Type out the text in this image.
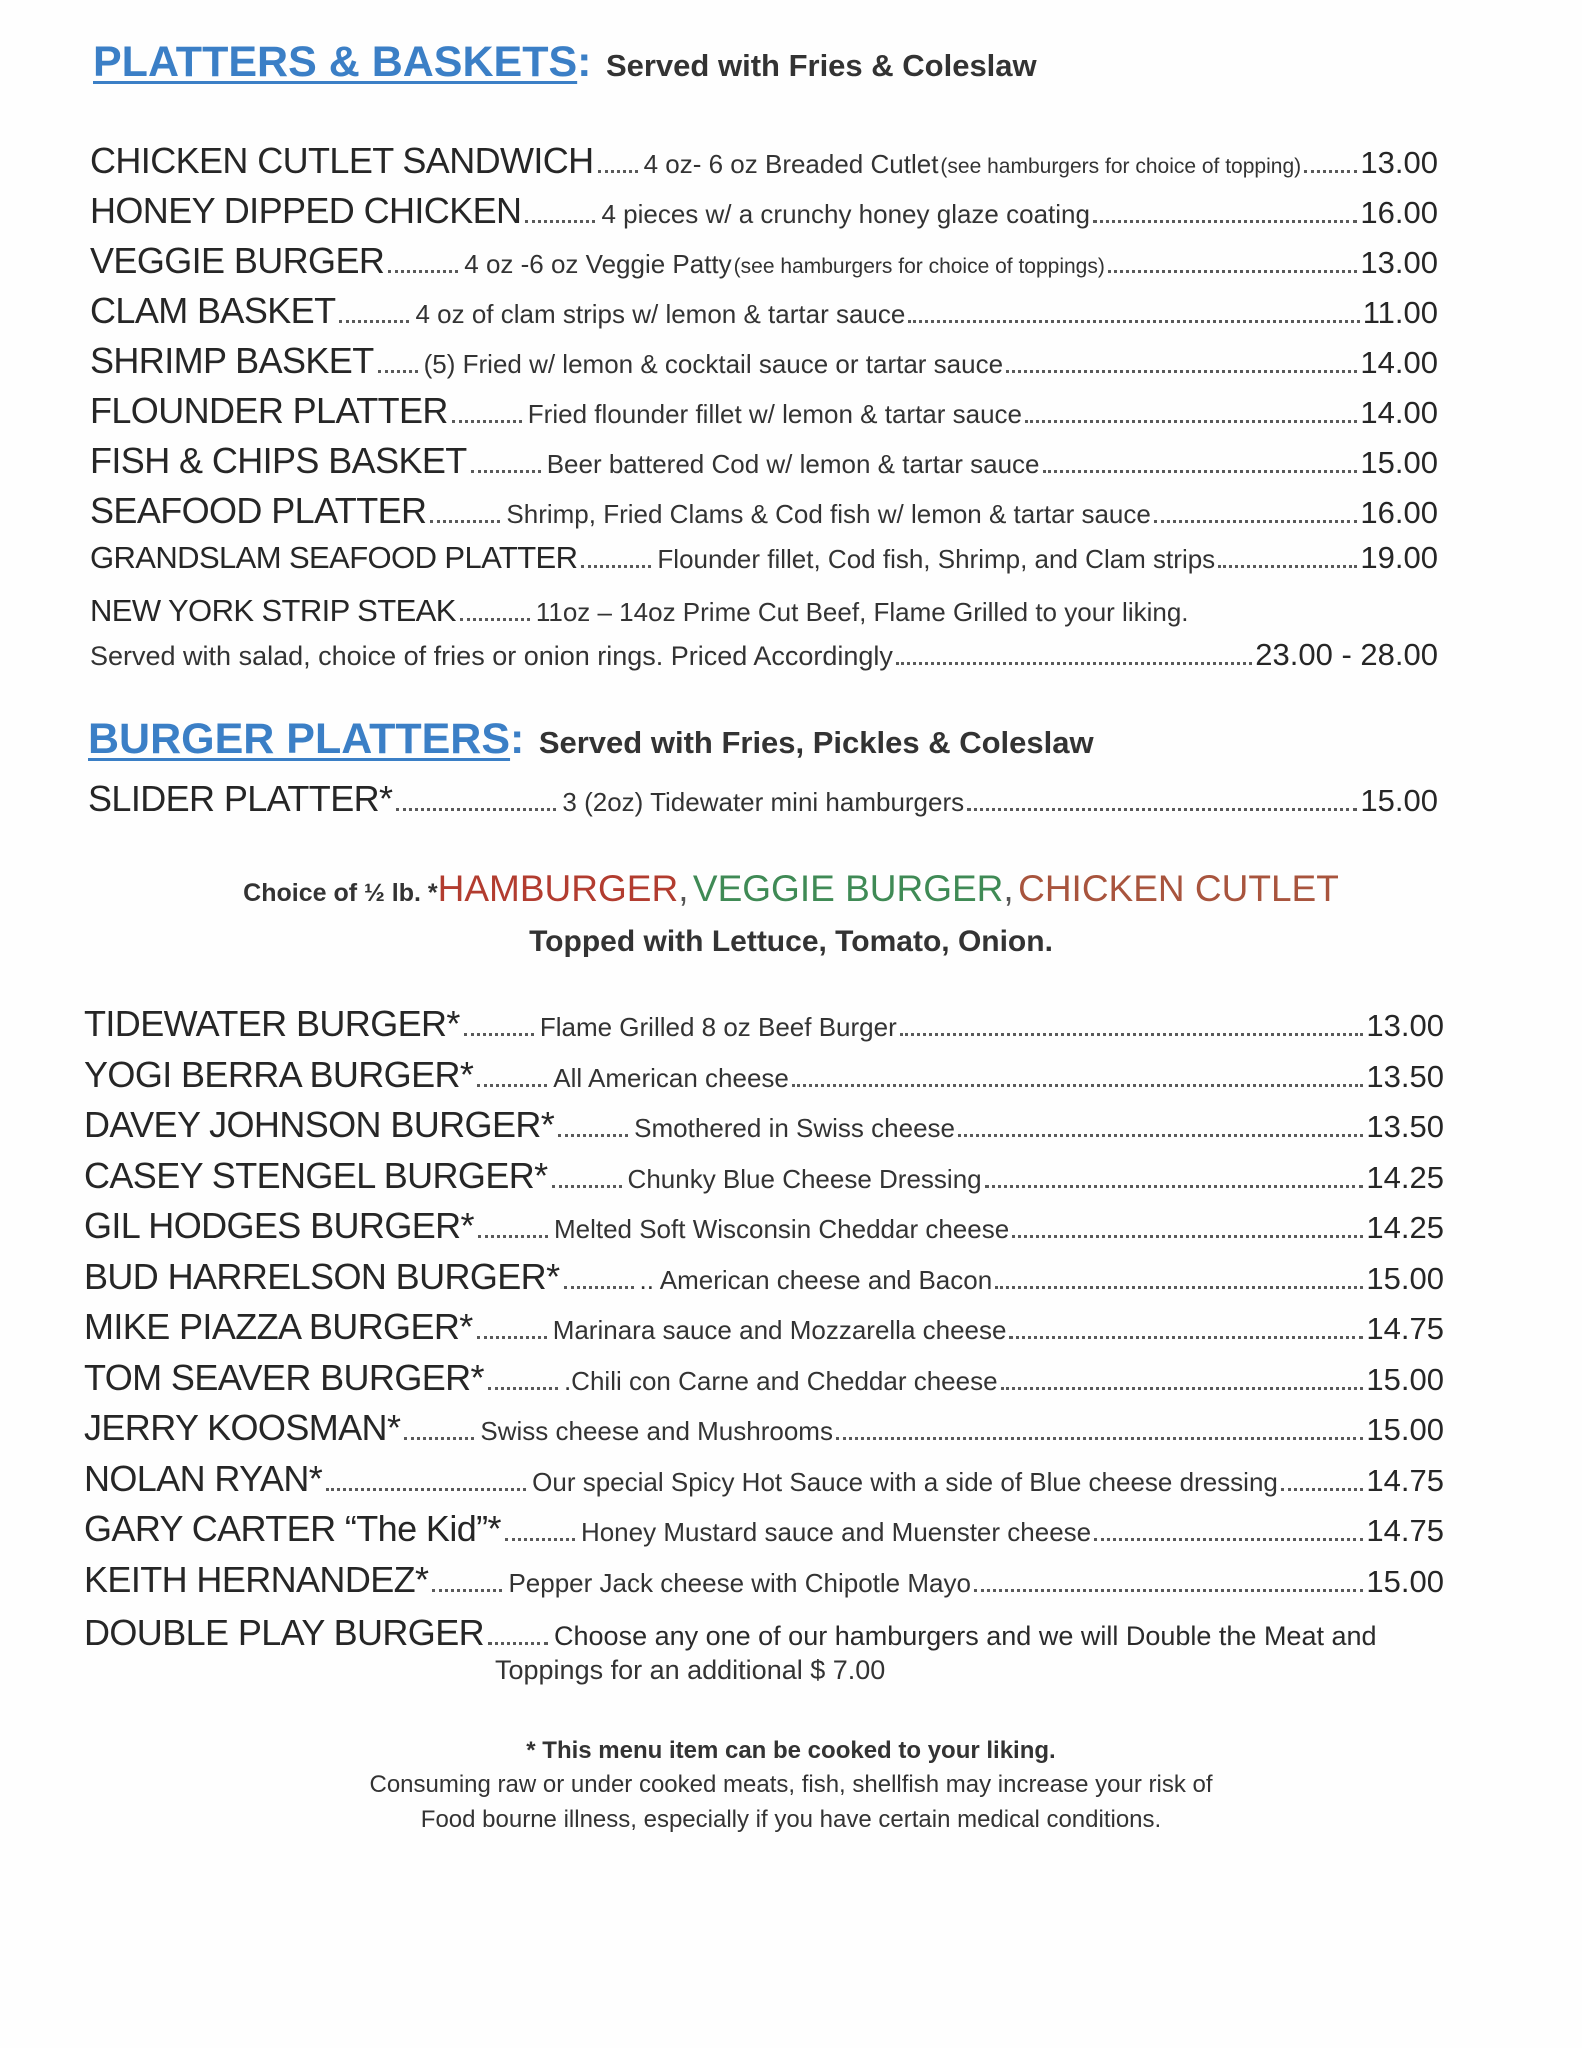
PLATTERS & BASKETS: Served with Fries & Coleslaw
CHICKEN CUTLET SANDWICH 4 oz- 6 oz Breaded Cutlet (see hamburgers for choice of topping) 13.00
HONEY DIPPED CHICKEN	4 pieces w/ a crunchy honey glaze coating	16.00
VEGGIE BURGER	4 oz -6 oz Veggie Patty (see hamburgers for choice of toppings)	13.00
CLAM BASKET	4 oz of clam strips w/ lemon & tartar sauce	11.00
SHRIMP BASKET (5) Fried w/ lemon & cocktail sauce or tartar sauce	14.00
FLOUNDER PLATTER	Fried flounder fillet w/ lemon & tartar sauce	14.00
FISH & CHIPS BASKET	Beer battered Cod w/ lemon & tartar sauce	15.00
SEAFOOD PLATTER	Shrimp, Fried Clams & Cod fish w/ lemon & tartar sauce	16.00
GRANDSLAM SEAFOOD PLATTER	Flounder fillet, Cod fish, Shrimp, and Clam strips	19.00
NEW YORK STRIP STEAK	11oz – 14oz Prime Cut Beef, Flame Grilled to your liking.
Served with salad, choice of fries or onion rings. Priced Accordingly	23.00 - 28.00
BURGER PLATTERS: Served with Fries, Pickles & Coleslaw
SLIDER PLATTER*	3 (2oz) Tidewater mini hamburgers	15.00
Choice of ½ lb. *HAMBURGER, VEGGIE BURGER, CHICKEN CUTLET
Topped with Lettuce, Tomato, Onion.
TIDEWATER BURGER*	Flame Grilled 8 oz Beef Burger	13.00
YOGI BERRA BURGER*	All American cheese	13.50
DAVEY JOHNSON BURGER*	Smothered in Swiss cheese	13.50
CASEY STENGEL BURGER*	Chunky Blue Cheese Dressing	14.25
GIL HODGES BURGER*	Melted Soft Wisconsin Cheddar cheese	14.25
BUD HARRELSON BURGER*	.. American cheese and Bacon	15.00
MIKE PIAZZA BURGER*	Marinara sauce and Mozzarella cheese	14.75
TOM SEAVER BURGER*	.Chili con Carne and Cheddar cheese	15.00
JERRY KOOSMAN*	Swiss cheese and Mushrooms	15.00
NOLAN RYAN*	Our special Spicy Hot Sauce with a side of Blue cheese dressing	14.75
GARY CARTER “The Kid”*	Honey Mustard sauce and Muenster cheese	14.75
KEITH HERNANDEZ*	Pepper Jack cheese with Chipotle Mayo	15.00
DOUBLE PLAY BURGER	Choose any one of our hamburgers and we will Double the Meat and
Toppings for an additional $ 7.00
* This menu item can be cooked to your liking.
Consuming raw or under cooked meats, fish, shellfish may increase your risk of
Food bourne illness, especially if you have certain medical conditions.
